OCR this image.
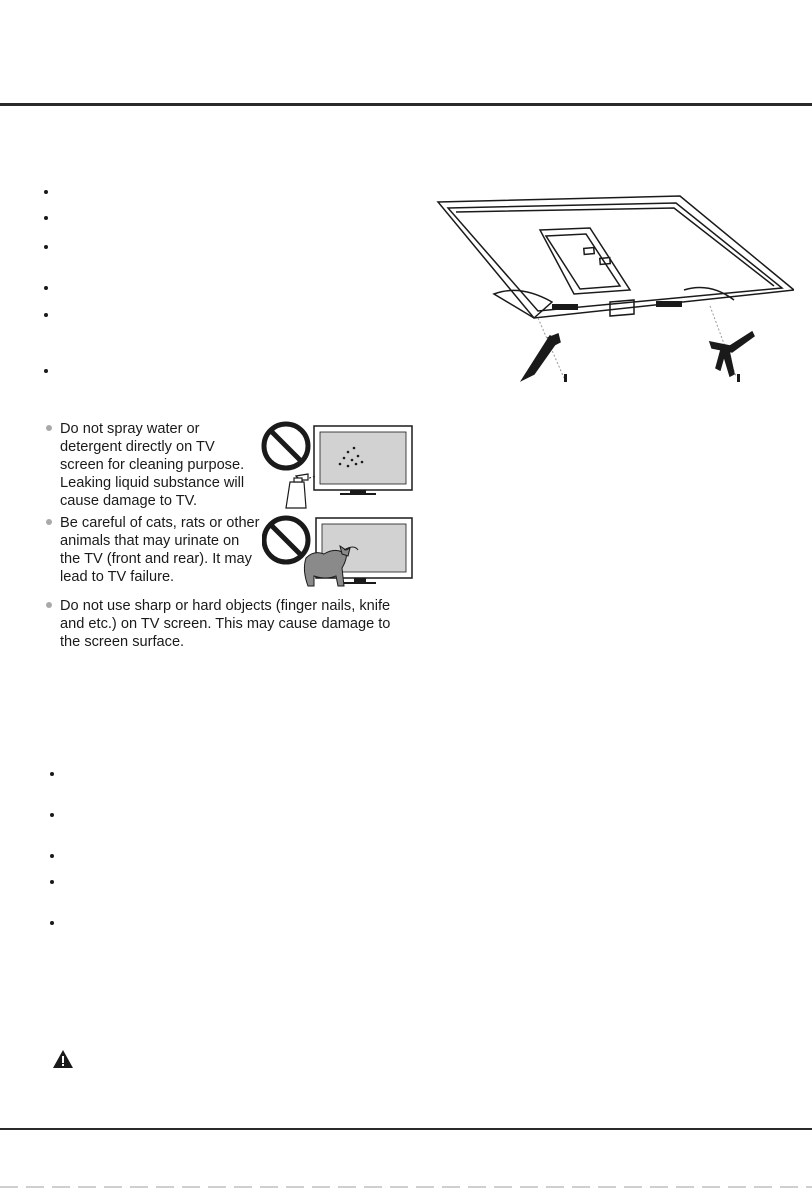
Do not spray water or
detergent directly on TV
screen for cleaning purpose.
Leaking liquid substance will
cause damage to TV.
Be careful of cats, rats or other
animals that may urinate on
the TV (front and rear). It may
lead to TV failure.
Do not use sharp or hard objects (finger nails, knife
and etc.) on TV screen. This may cause damage to
the screen surface.
